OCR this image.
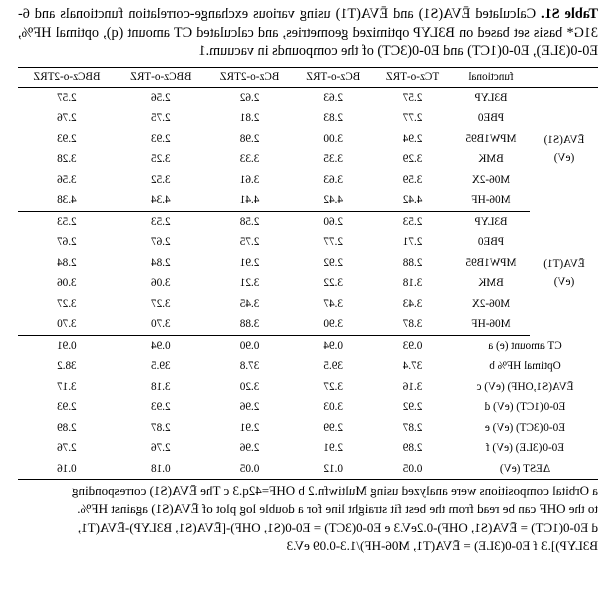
Table S1. Calculated ĒVA(S1) and ĒVA(T1) using various exchange-correlation functionals and 6-31G* basis set based on B3LYP optimized geometries, and calculated CT amount (q), optimal HF%, E0-0(3LE), E0-0(1CT) and E0-0(3CT) of the compounds in vacuum.1

	functional	TCz-o-TRZ	BCz-o-TRZ	BCz-o-2TRZ	BBCz-o-TRZ	BBCz-o-2TRZ

ĒVA(S1)
(eV)	B3LYP	2.57	2.63	2.62	2.56	2.57
	PBE0	2.77	2.83	2.81	2.75	2.76
	MPW1B95	2.94	3.00	2.98	2.93	2.93
	BMK	3.29	3.35	3.33	3.25	3.28
	M06-2X	3.59	3.63	3.61	3.52	3.56
	M06-HF	4.42	4.42	4.41	4.34	4.38

ĒVA(T1)
(eV)	B3LYP	2.53	2.60	2.58	2.53	2.53
	PBE0	2.71	2.77	2.75	2.67	2.67
	MPW1B95	2.88	2.92	2.91	2.84	2.84
	BMK	3.18	3.22	3.21	3.06	3.06
	M06-2X	3.43	3.47	3.45	3.27	3.27
	M06-HF	3.87	3.90	3.88	3.70	3.70
CT amount (e) a		0.93	0.94	0.90	0.94	0.91
Optimal HF% b		37.4	39.5	37.8	39.5	38.2
ĒVA(S1,OHF) (eV) c		3.16	3.27	3.20	3.18	3.17
E0-0(1CT) (eV) d		2.92	3.03	2.96	2.93	2.93
E0-0(3CT) (eV) e		2.87	2.99	2.91	2.87	2.89
E0-0(3LE) (eV) f		2.89	2.91	2.96	2.76	2.76
ΔEST (eV)		0.05	0.12	0.05	0.18	0.16
a Orbital compositions were analyzed using Multiwfn.2 b OHF=42q.3 c The ĒVA(S1) corresponding
to the OHF can be read from the best fit straight line for a double log plot of ĒVA(S1) against HF%.
d E0-0(1CT) = ĒVA(S1, OHF)-0.2eV.3 e E0-0(3CT) = E0-0(S1, OHF)-[ĒVA(S1, B3LYP)-ĒVA(T1,
B3LYP)].3 f E0-0(3LE) = ĒVA(T1, M06-HF)/1.3-0.09 eV.3
